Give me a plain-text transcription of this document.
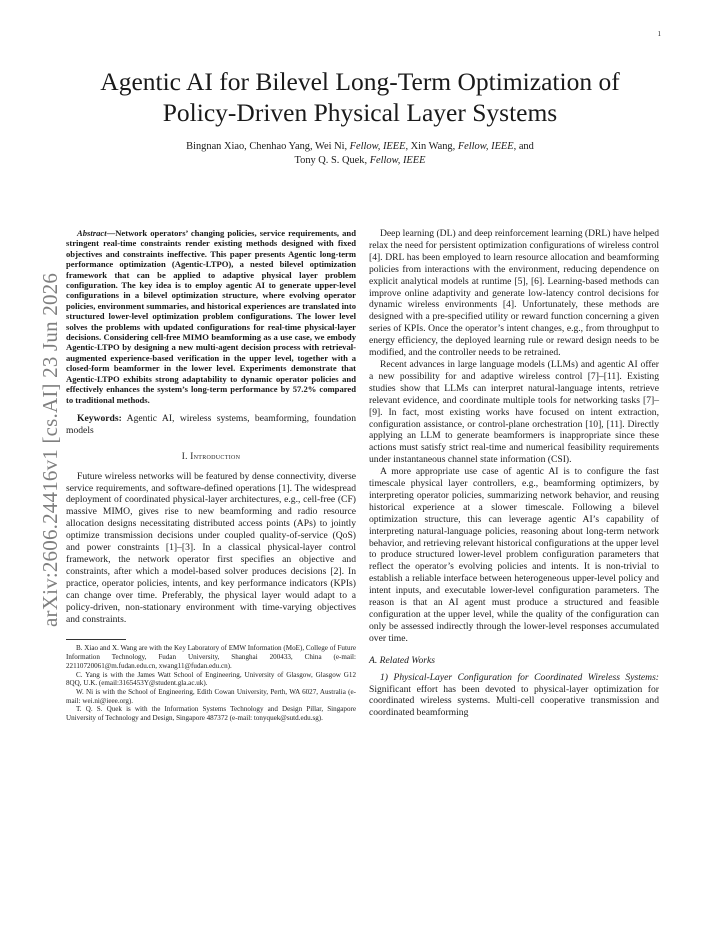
1
arXiv:2606.24416v1 [cs.AI] 23 Jun 2026
Agentic AI for Bilevel Long-Term Optimization of
Policy-Driven Physical Layer Systems
Bingnan Xiao, Chenhao Yang, Wei Ni, Fellow, IEEE, Xin Wang, Fellow, IEEE, and
Tony Q. S. Quek, Fellow, IEEE

Abstract—Network operators’ changing policies, service requirements, and stringent real-time constraints render existing methods designed with fixed objectives and constraints ineffective. This paper presents Agentic long-term performance optimization (Agentic-LTPO), a nested bilevel optimization framework that can be applied to adaptive physical layer problem configuration. The key idea is to employ agentic AI to generate upper-level configurations in a bilevel optimization structure, where evolving operator policies, environment summaries, and historical experiences are translated into structured lower-level optimization problem configurations. The lower level solves the problems with updated configurations for real-time physical-layer decisions. Considering cell-free MIMO beamforming as a use case, we embody Agentic-LTPO by designing a new multi-agent decision process with retrieval-augmented experience-based verification in the upper level, together with a closed-form beamformer in the lower level. Experiments demonstrate that Agentic-LTPO exhibits strong adaptability to dynamic operator policies and effectively enhances the system’s long-term performance by 57.2% compared to traditional methods.

Keywords: Agentic AI, wireless systems, beamforming, foundation models

I. Introduction

Future wireless networks will be featured by dense connectivity, diverse service requirements, and software-defined operations [1]. The widespread deployment of coordinated physical-layer architectures, e.g., cell-free (CF) massive MIMO, gives rise to new beamforming and radio resource allocation designs necessitating distributed access points (APs) to jointly optimize transmission decisions under coupled quality-of-service (QoS) and power constraints [1]–[3]. In a classical physical-layer control framework, the network operator first specifies an objective and constraints, after which a model-based solver produces decisions [2]. In practice, operator policies, intents, and key performance indicators (KPIs) can change over time. Preferably, the physical layer would adapt to a policy-driven, non-stationary environment with time-varying objectives and constraints.

B. Xiao and X. Wang are with the Key Laboratory of EMW Information (MoE), College of Future Information Technology, Fudan University, Shanghai 200433, China (e-mail: 22110720061@m.fudan.edu.cn, xwang11@fudan.edu.cn).

C. Yang is with the James Watt School of Engineering, University of Glasgow, Glasgow G12 8QQ, U.K. (email:3165453Y@student.gla.ac.uk).

W. Ni is with the School of Engineering, Edith Cowan University, Perth, WA 6027, Australia (e-mail: wei.ni@ieee.org).

T. Q. S. Quek is with the Information Systems Technology and Design Pillar, Singapore University of Technology and Design, Singapore 487372 (e-mail: tonyquek@sutd.edu.sg).

Deep learning (DL) and deep reinforcement learning (DRL) have helped relax the need for persistent optimization configurations of wireless control [4]. DRL has been employed to learn resource allocation and beamforming policies from interactions with the environment, reducing dependence on explicit analytical models at runtime [5], [6]. Learning-based methods can improve online adaptivity and generate low-latency control decisions for dynamic wireless environments [4]. Unfortunately, these methods are designed with a pre-specified utility or reward function concerning a given series of KPIs. Once the operator’s intent changes, e.g., from throughput to energy efficiency, the deployed learning rule or reward design needs to be modified, and the controller needs to be retrained.

Recent advances in large language models (LLMs) and agentic AI offer a new possibility for and adaptive wireless control [7]–[11]. Existing studies show that LLMs can interpret natural-language intents, retrieve relevant evidence, and coordinate multiple tools for networking tasks [7]–[9]. In fact, most existing works have focused on intent extraction, configuration assistance, or control-plane orchestration [10], [11]. Directly applying an LLM to generate beamformers is inappropriate since these actions must satisfy strict real-time and numerical feasibility requirements under instantaneous channel state information (CSI).

A more appropriate use case of agentic AI is to configure the fast timescale physical layer controllers, e.g., beamforming optimizers, by interpreting operator policies, summarizing network behavior, and reusing historical experience at a slower timescale. Following a bilevel optimization structure, this can leverage agentic AI’s capability of interpreting natural-language policies, reasoning about long-term network behavior, and retrieving relevant historical configurations at the upper level to produce structured lower-level problem configuration parameters that reflect the operator’s evolving policies and intents. It is non-trivial to establish a reliable interface between heterogeneous upper-level policy and intent inputs, and executable lower-level configuration parameters. The reason is that an AI agent must produce a structured and feasible configuration at the upper level, while the quality of the configuration can only be assessed indirectly through the lower-level responses accumulated over time.

A. Related Works

1) Physical-Layer Configuration for Coordinated Wireless Systems: Significant effort has been devoted to physical-layer optimization for coordinated wireless systems. Multi-cell cooperative transmission and coordinated beamforming
